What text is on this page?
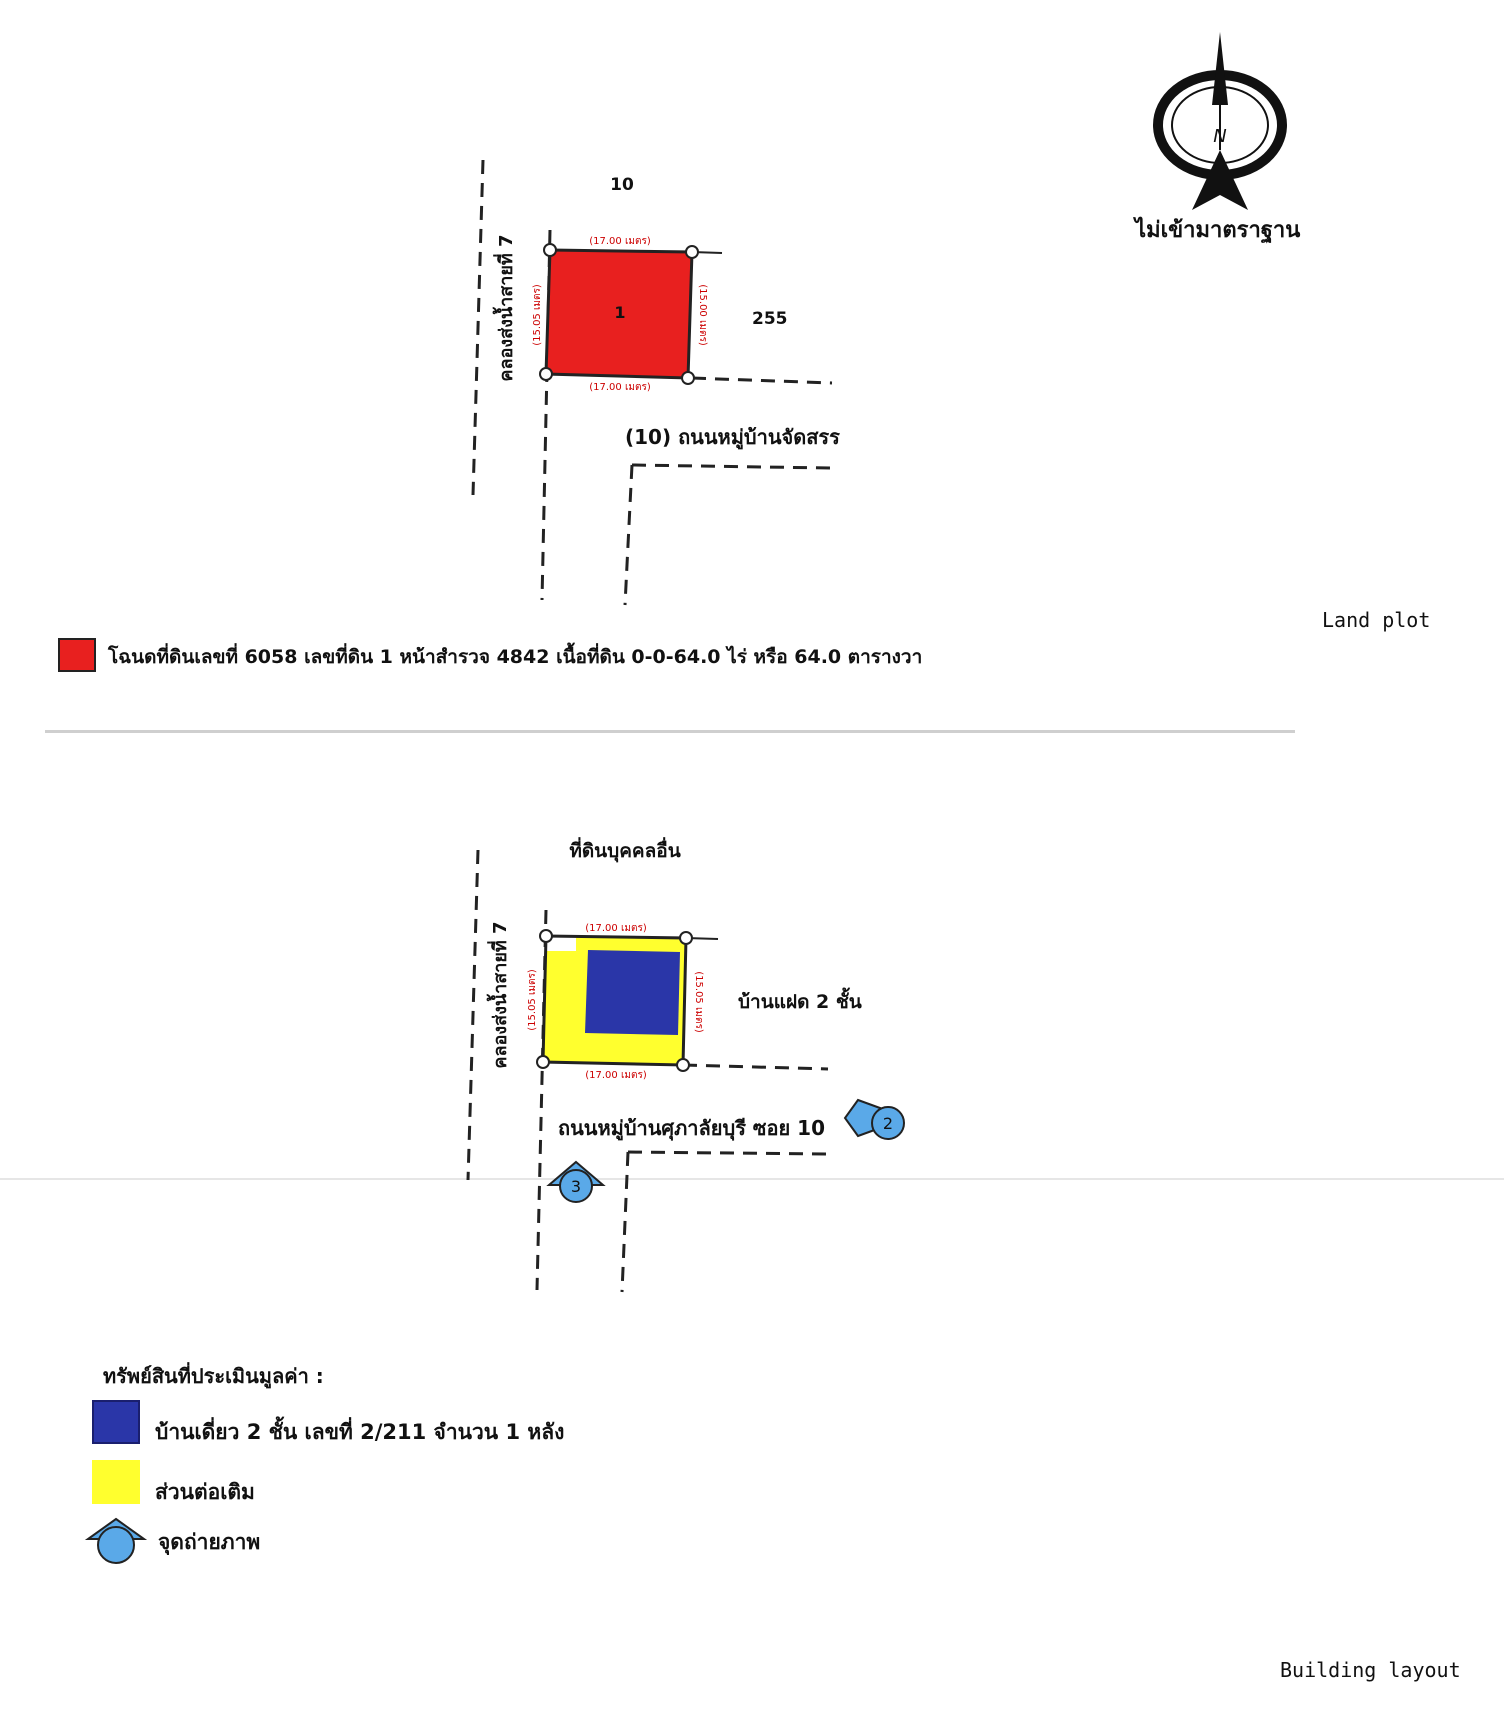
N
ไม่เข้ามาตราฐาน
(17.00 เมตร)
(17.00 เมตร)
(15.05 เมตร)	(15.00 เมตร)
1
10
255
คลองส่งน้ำสายที่ 7
(10) ถนนหมู่บ้านจัดสรร
Land plot
โฉนดที่ดินเลขที่ 6058 เลขที่ดิน 1 หน้าสำรวจ 4842 เนื้อที่ดิน 0-0-64.0 ไร่ หรือ 64.0 ตารางวา
(17.00 เมตร)
(17.00 เมตร)
(15.05 เมตร)	(15.05 เมตร)
ที่ดินบุคคลอื่น
บ้านแฝด 2 ชั้น
คลองส่งน้ำสายที่ 7
ถนนหมู่บ้านศุภาลัยบุรี ซอย 10	2
3
ทรัพย์สินที่ประเมินมูลค่า :
บ้านเดี่ยว 2 ชั้น เลขที่ 2/211 จำนวน 1 หลัง
ส่วนต่อเติม
จุดถ่ายภาพ
Building layout
